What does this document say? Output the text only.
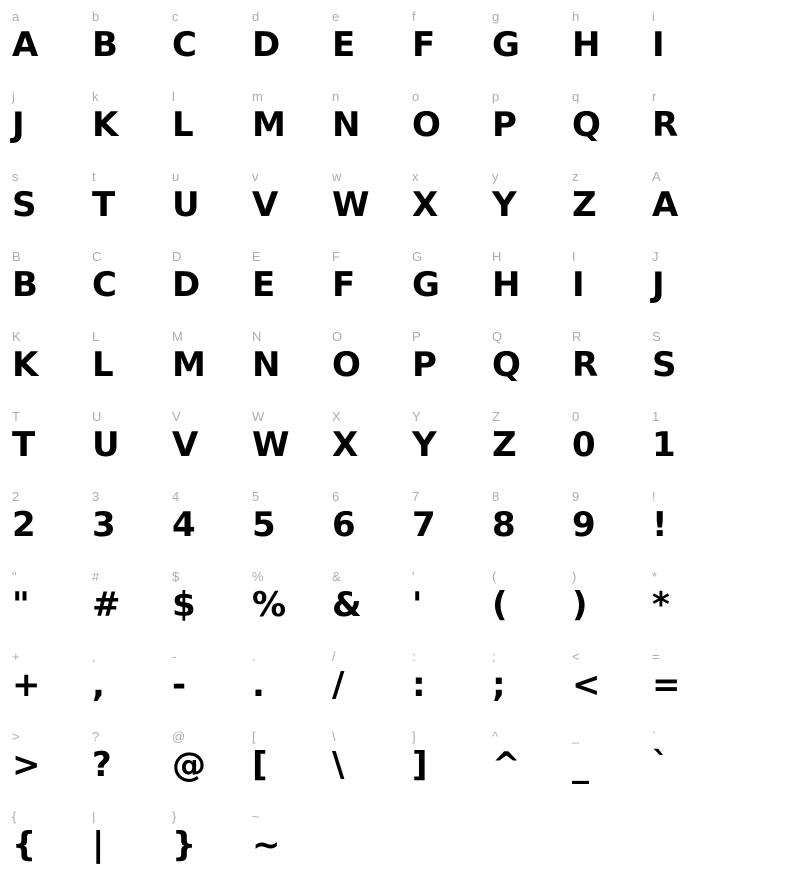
a
A
b
B
c
C
d
D
e
E
f
F
g
G
h
H
i
I
j
J
k
K
l
L
m
M
n
N
o
O
p
P
q
Q
r
R
s
S
t
T
u
U
v
V
w
W
x
X
y
Y
z
Z
A
A
B
B
C
C
D
D
E
E
F
F
G
G
H
H
I
I
J
J
K
K
L
L
M
M
N
N
O
O
P
P
Q
Q
R
R
S
S
T
T
U
U
V
V
W
W
X
X
Y
Y
Z
Z
0
0
1
1
2
2
3
3
4
4
5
5
6
6
7
7
8
8
9
9
!
!
"
"
#
#
$
$
%
%
&
&
'
'
(
(
)
)
*
*
+
+
,
,
-
-
.
.
/
/
:
:
;
;
<
<
=
=
>
>
?
?
@
@
[
[
\
\
]
]
^
^
_
_
`
`
{
{
|
|
}
}
~
~
